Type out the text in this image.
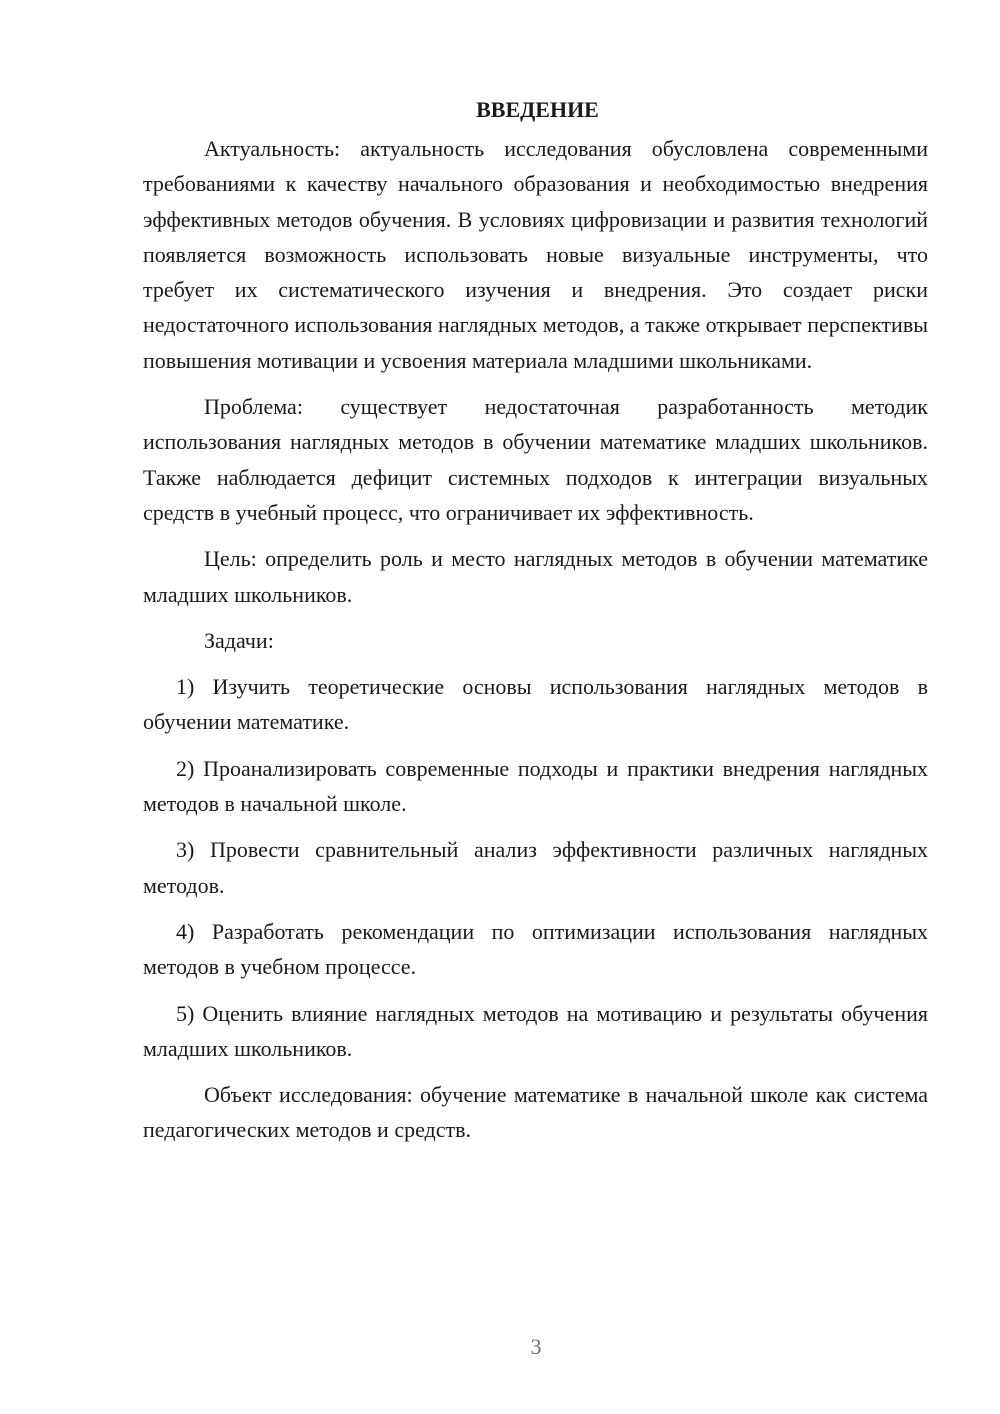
ВВЕДЕНИЕ

Актуальность: актуальность исследования обусловлена современными требованиями к качеству начального образования и необходимостью внедрения эффективных методов обучения. В условиях цифровизации и развития технологий появляется возможность использовать новые визуальные инструменты, что требует их систематического изучения и внедрения. Это создает риски недостаточного использования наглядных методов, а также открывает перспективы повышения мотивации и усвоения материала младшими школьниками.

Проблема: существует недостаточная разработанность методик использования наглядных методов в обучении математике младших школьников. Также наблюдается дефицит системных подходов к интеграции визуальных средств в учебный процесс, что ограничивает их эффективность.

Цель: определить роль и место наглядных методов в обучении математике младших школьников.

Задачи:

1) Изучить теоретические основы использования наглядных методов в обучении математике.

2) Проанализировать современные подходы и практики внедрения наглядных методов в начальной школе.

3) Провести сравнительный анализ эффективности различных наглядных методов.

4) Разработать рекомендации по оптимизации использования наглядных методов в учебном процессе.

5) Оценить влияние наглядных методов на мотивацию и результаты обучения младших школьников.

Объект исследования: обучение математике в начальной школе как система педагогических методов и средств.

3
